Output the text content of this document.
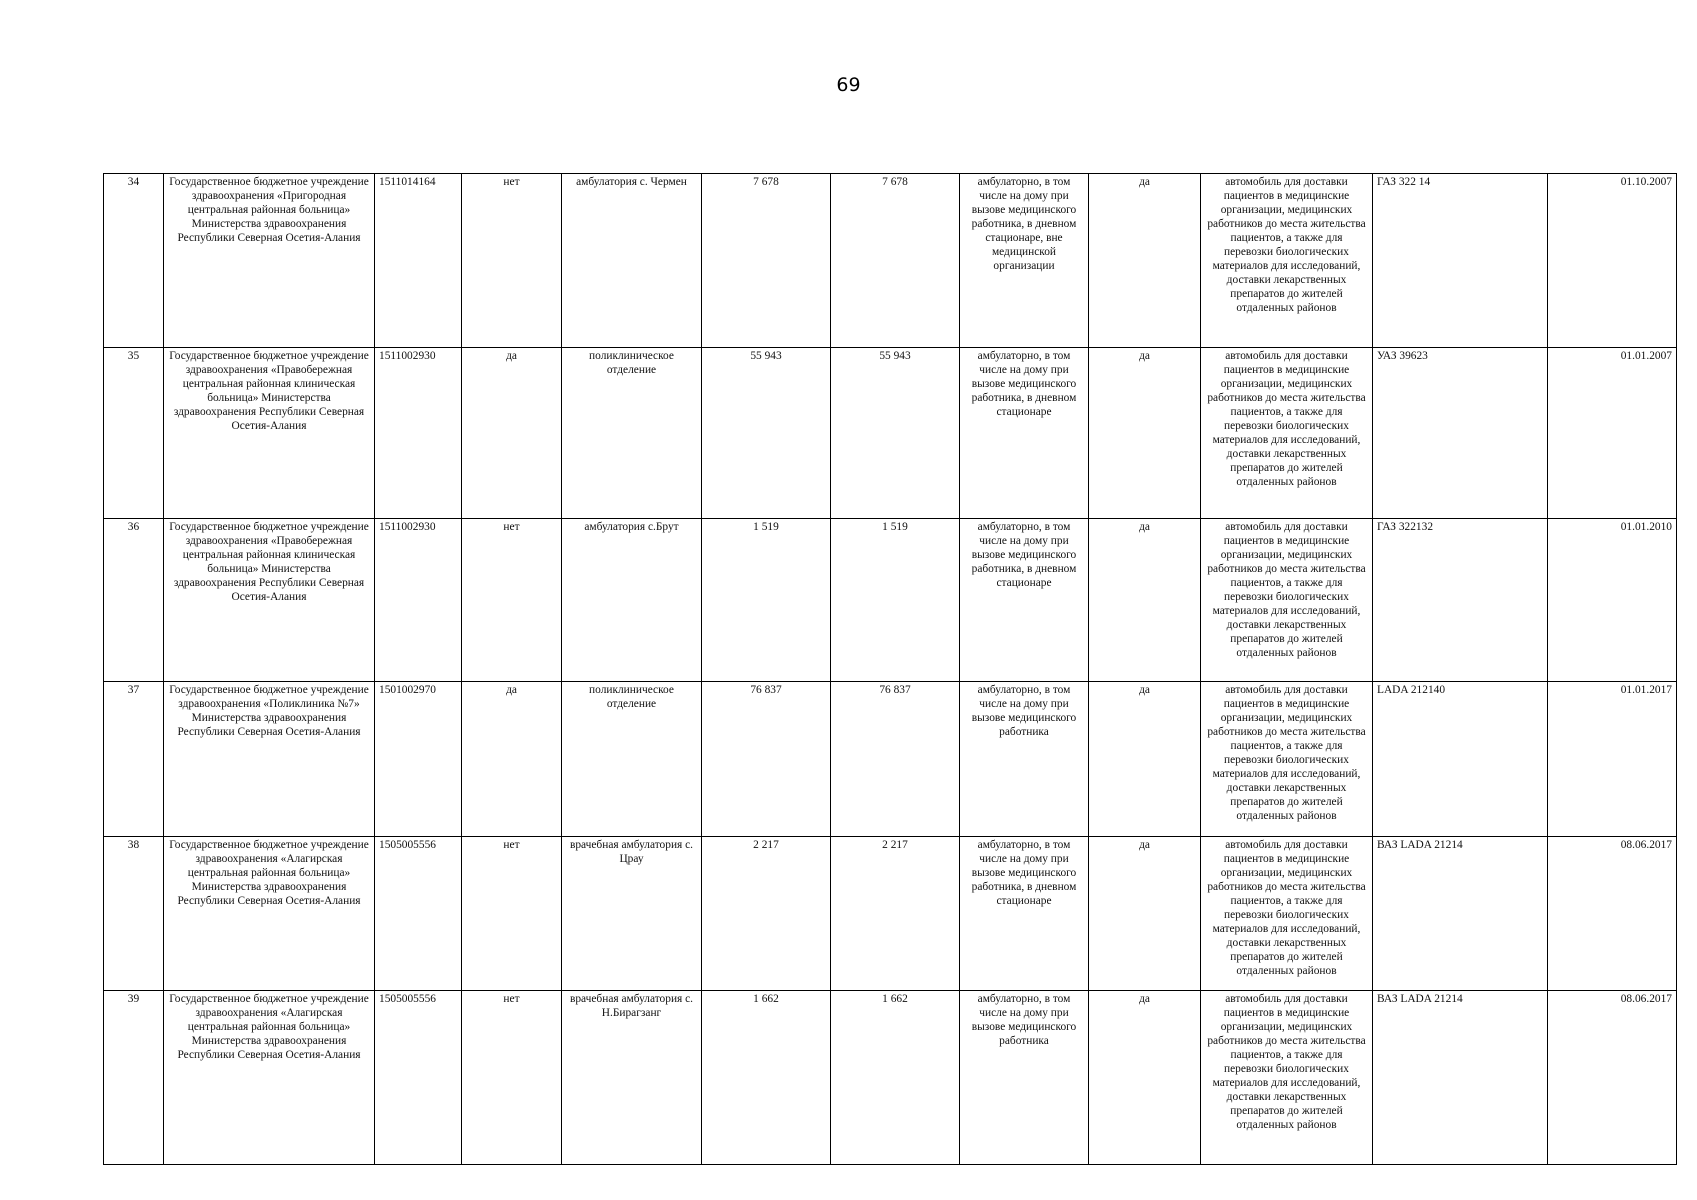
69
34	Государственное бюджетное учреждение здравоохранения «Пригородная центральная районная больница» Министерства здравоохранения Республики Северная Осетия-Алания	1511014164	нет	амбулатория с. Чермен	7 678	7 678	амбулаторно, в том числе на дому при вызове медицинского работника, в дневном стационаре, вне медицинской организации	да	автомобиль для доставки пациентов в медицинские организации, медицинских работников до места жительства пациентов, а также для перевозки биологических материалов для исследований, доставки лекарственных препаратов до жителей отдаленных районов	ГАЗ 322 14	01.10.2007
35	Государственное бюджетное учреждение здравоохранения «Правобережная центральная районная клиническая больница» Министерства здравоохранения Республики Северная Осетия-Алания	1511002930	да	поликлиническое отделение	55 943	55 943	амбулаторно, в том числе на дому при вызове медицинского работника, в дневном стационаре	да	автомобиль для доставки пациентов в медицинские организации, медицинских работников до места жительства пациентов, а также для перевозки биологических материалов для исследований, доставки лекарственных препаратов до жителей отдаленных районов	УАЗ 39623	01.01.2007
36	Государственное бюджетное учреждение здравоохранения «Правобережная центральная районная клиническая больница» Министерства здравоохранения Республики Северная Осетия-Алания	1511002930	нет	амбулатория с.Брут	1 519	1 519	амбулаторно, в том числе на дому при вызове медицинского работника, в дневном стационаре	да	автомобиль для доставки пациентов в медицинские организации, медицинских работников до места жительства пациентов, а также для перевозки биологических материалов для исследований, доставки лекарственных препаратов до жителей отдаленных районов	ГАЗ 322132	01.01.2010
37	Государственное бюджетное учреждение здравоохранения «Поликлиника №7» Министерства здравоохранения Республики Северная Осетия-Алания	1501002970	да	поликлиническое отделение	76 837	76 837	амбулаторно, в том числе на дому при вызове медицинского работника	да	автомобиль для доставки пациентов в медицинские организации, медицинских работников до места жительства пациентов, а также для перевозки биологических материалов для исследований, доставки лекарственных препаратов до жителей отдаленных районов	LADA 212140	01.01.2017
38	Государственное бюджетное учреждение здравоохранения «Алагирская центральная районная больница» Министерства здравоохранения Республики Северная Осетия-Алания	1505005556	нет	врачебная амбулатория с. Црау	2 217	2 217	амбулаторно, в том числе на дому при вызове медицинского работника, в дневном стационаре	да	автомобиль для доставки пациентов в медицинские организации, медицинских работников до места жительства пациентов, а также для перевозки биологических материалов для исследований, доставки лекарственных препаратов до жителей отдаленных районов	ВАЗ LADA 21214	08.06.2017
39	Государственное бюджетное учреждение здравоохранения «Алагирская центральная районная больница» Министерства здравоохранения Республики Северная Осетия-Алания	1505005556	нет	врачебная амбулатория с. Н.Бирагзанг	1 662	1 662	амбулаторно, в том числе на дому при вызове медицинского работника	да	автомобиль для доставки пациентов в медицинские организации, медицинских работников до места жительства пациентов, а также для перевозки биологических материалов для исследований, доставки лекарственных препаратов до жителей отдаленных районов	ВАЗ LADA 21214	08.06.2017
